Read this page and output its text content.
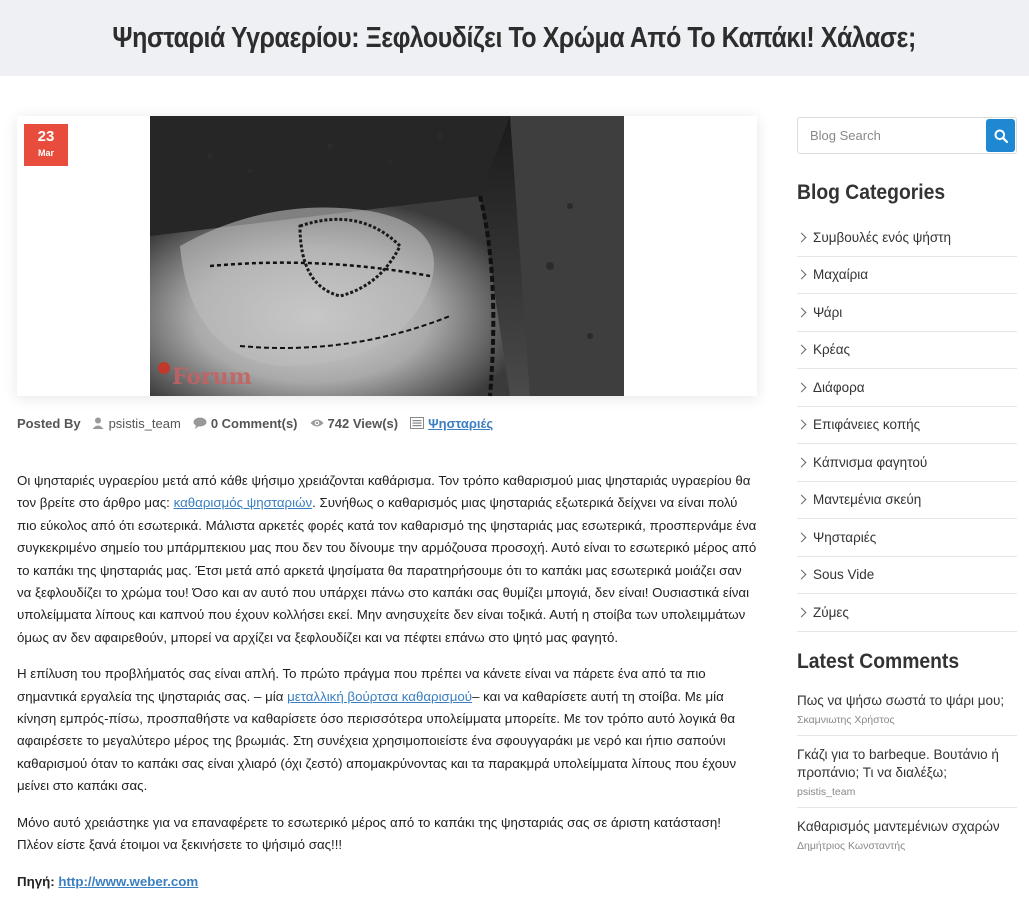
Ψησταριά Υγραερίου: Ξεφλουδίζει Το Χρώμα Από Το Καπάκι! Χάλασε;
Forum
23
Mar
Posted By psistis_team 0 Comment(s) 742 View(s) Ψησταριές

Οι ψησταριές υγραερίου μετά από κάθε ψήσιμο χρειάζονται καθάρισμα. Τον τρόπο καθαρισμού μιας ψησταριάς υγραερίου θα τον βρείτε στο άρθρο μας: καθαρισμός ψησταριών. Συνήθως ο καθαρισμός μιας ψησταριάς εξωτερικά δείχνει να είναι πολύ πιο εύκολος από ότι εσωτερικά. Μάλιστα αρκετές φορές κατά τον καθαρισμό της ψησταριάς μας εσωτερικά, προσπερνάμε ένα συγκεκριμένο σημείο του μπάρμπεκιου μας που δεν του δίνουμε την αρμόζουσα προσοχή. Αυτό είναι το εσωτερικό μέρος από το καπάκι της ψησταριάς μας. Έτσι μετά από αρκετά ψησίματα θα παρατηρήσουμε ότι το καπάκι μας εσωτερικά μοιάζει σαν να ξεφλουδίζει το χρώμα του! Όσο και αν αυτό που υπάρχει πάνω στο καπάκι σας θυμίζει μπογιά, δεν είναι! Ουσιαστικά είναι υπολείμματα λίπους και καπνού που έχουν κολλήσει εκεί. Μην ανησυχείτε δεν είναι τοξικά. Αυτή η στοίβα των υπολειμμάτων όμως αν δεν αφαιρεθούν, μπορεί να αρχίζει να ξεφλουδίζει και να πέφτει επάνω στο ψητό μας φαγητό.

Η επίλυση του προβλήματός σας είναι απλή. Το πρώτο πράγμα που πρέπει να κάνετε είναι να πάρετε ένα από τα πιο σημαντικά εργαλεία της ψησταριάς σας. – μία μεταλλική βούρτσα καθαρισμού– και να καθαρίσετε αυτή τη στοίβα. Με μία κίνηση εμπρός-πίσω, προσπαθήστε να καθαρίσετε όσο περισσότερα υπολείμματα μπορείτε. Με τον τρόπο αυτό λογικά θα αφαιρέσετε το μεγαλύτερο μέρος της βρωμιάς. Στη συνέχεια χρησιμοποιείστε ένα σφουγγαράκι με νερό και ήπιο σαπούνι καθαρισμού όταν το καπάκι σας είναι χλιαρό (όχι ζεστό) απομακρύνοντας και τα παρακμρά υπολείμματα λίπους που έχουν μείνει στο καπάκι σας.

Μόνο αυτό χρειάστηκε για να επαναφέρετε το εσωτερικό μέρος από το καπάκι της ψησταριάς σας σε άριστη κατάσταση! Πλέον είστε ξανά έτοιμοι να ξεκινήσετε το ψήσιμό σας!!!

Πηγή: http://www.weber.com

Blog Search
Blog Categories
Συμβουλές ενός ψήστη
Μαχαίρια
Ψάρι
Κρέας
Διάφορα
Επιφάνειες κοπής
Κάπνισμα φαγητού
Μαντεμένια σκεύη
Ψησταριές
Sous Vide
Ζύμες
Latest Comments
Πως να ψήσω σωστά το ψάρι μου;
Σκαμνιωτης Χρήστος
Γκάζι για το barbeque. Βουτάνιο ή προπάνιο; Τι να διαλέξω;
psistis_team
Καθαρισμός μαντεμένιων σχαρών
Δημήτριος Κωνσταντής
